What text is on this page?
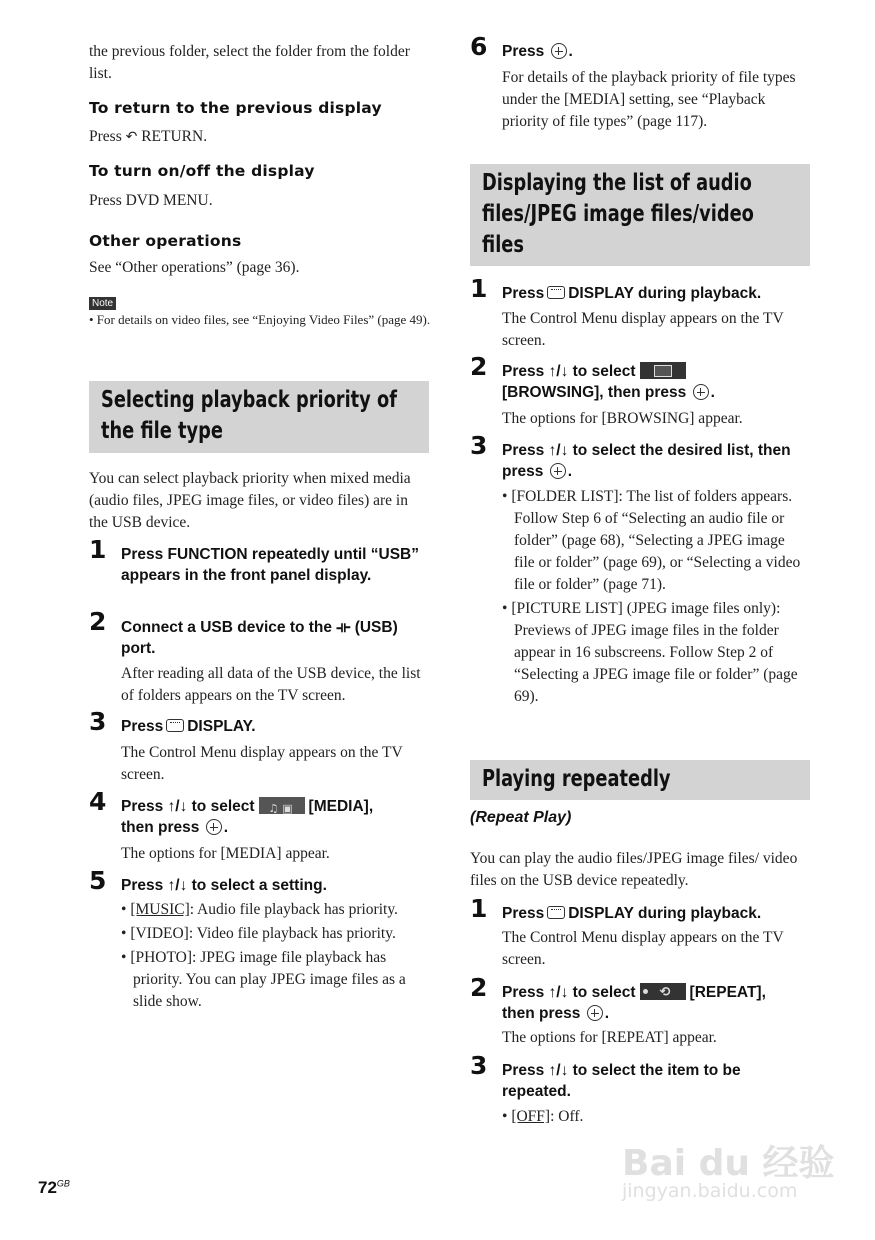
the previous folder, select the folder from the folder list.
To return to the previous display
Press ↶ RETURN.
To turn on/off the display
Press DVD MENU.
Other operations
See “Other operations” (page 36).
Note
• For details on video files, see “Enjoying Video Files” (page 49).
Selecting playback priority of the file type
You can select playback priority when mixed media (audio files, JPEG image files, or video files) are in the USB device.
1 Press FUNCTION repeatedly until “USB” appears in the front panel display.
2 Connect a USB device to the ⟛ (USB) port.
After reading all data of the USB device, the list of folders appears on the TV screen.
3 Press DISPLAY.
The Control Menu display appears on the TV screen.
4 Press ↑/↓ to select ♫ ▣ [MEDIA],
then press .
The options for [MEDIA] appear.
5 Press ↑/↓ to select a setting.
• [MUSIC]: Audio file playback has priority.
• [VIDEO]: Video file playback has priority.
• [PHOTO]: JPEG image file playback has priority. You can play JPEG image files as a slide show.
6 Press .
For details of the playback priority of file types under the [MEDIA] setting, see “Playback priority of file types” (page 117).
Displaying the list of audio files/JPEG image files/video files
1 Press DISPLAY during playback.
The Control Menu display appears on the TV screen.
2 Press ↑/↓ to select
[BROWSING], then press .
The options for [BROWSING] appear.
3 Press ↑/↓ to select the desired list, then press .
• [FOLDER LIST]: The list of folders appears. Follow Step 6 of “Selecting an audio file or folder” (page 68), “Selecting a JPEG image file or folder” (page 69), or “Selecting a video file or folder” (page 71).
• [PICTURE LIST] (JPEG image files only): Previews of JPEG image files in the folder appear in 16 subscreens. Follow Step 2 of “Selecting a JPEG image file or folder” (page 69).
Playing repeatedly
(Repeat Play)
You can play the audio files/JPEG image files/ video files on the USB device repeatedly.
1 Press DISPLAY during playback.
The Control Menu display appears on the TV screen.
2 Press ↑/↓ to select⟲	[REPEAT],
then press .
The options for [REPEAT] appear.
3 Press ↑/↓ to select the item to be repeated.
• [OFF]: Off.
$72^{GB}$	Bai du 经验
jingyan.baidu.com
